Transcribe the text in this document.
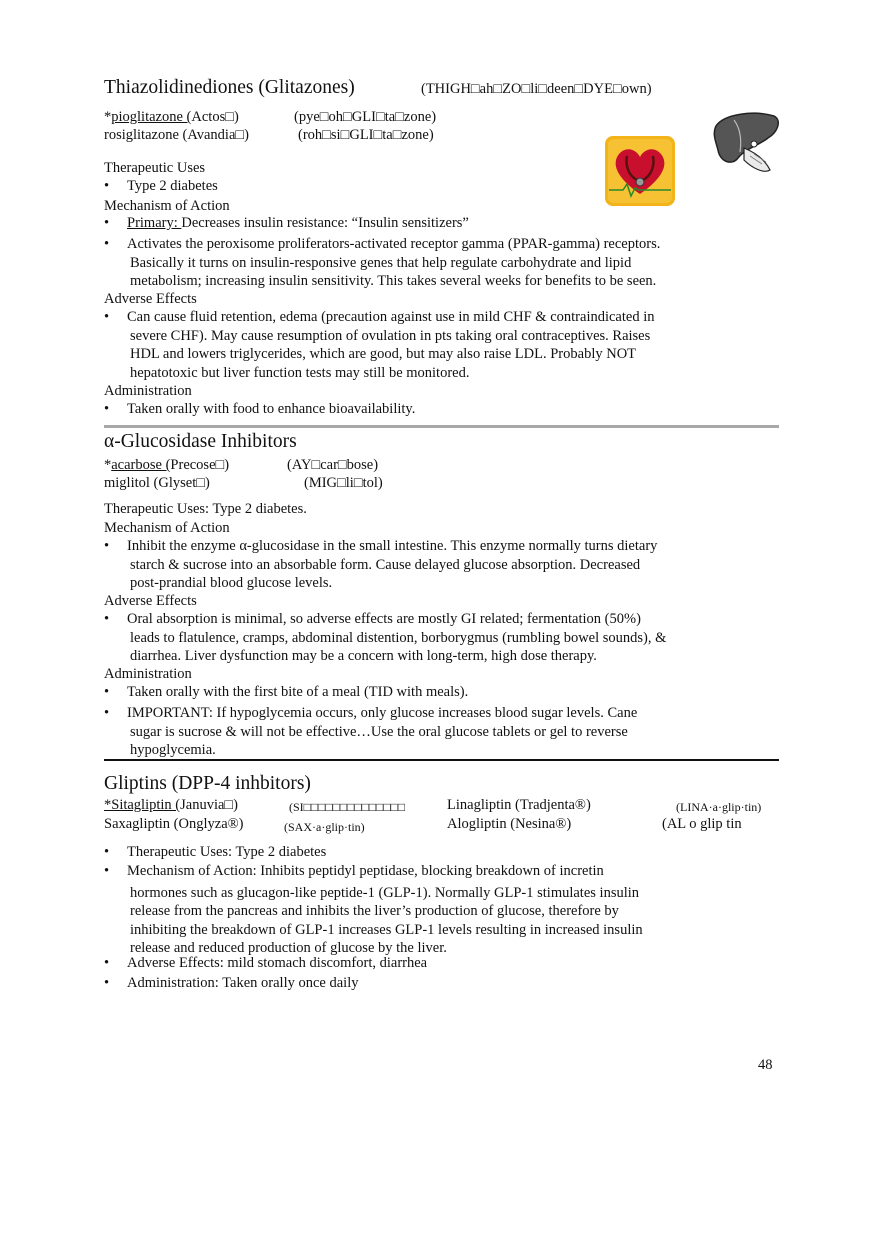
Thiazolidinediones (Glitazones)	(THIGH□ah□ZO□li□deen□DYE□own)
*pioglitazone (Actos□)	(pye□oh□GLI□ta□zone)
rosiglitazone (Avandia□)	(roh□si□GLI□ta□zone)
Therapeutic Uses
• Type 2 diabetes
Mechanism of Action
• Primary: Decreases insulin resistance: “Insulin sensitizers”
• Activates the peroxisome proliferators-activated receptor gamma (PPAR-gamma) receptors.
Basically it turns on insulin-responsive genes that help regulate carbohydrate and lipid
metabolism; increasing insulin sensitivity. This takes several weeks for benefits to be seen.
Adverse Effects
• Can cause fluid retention, edema (precaution against use in mild CHF & contraindicated in
severe CHF). May cause resumption of ovulation in pts taking oral contraceptives. Raises
HDL and lowers triglycerides, which are good, but may also raise LDL. Probably NOT
hepatotoxic but liver function tests may still be monitored.
Administration
• Taken orally with food to enhance bioavailability.
α-Glucosidase Inhibitors
*acarbose (Precose□)	(AY□car□bose)
miglitol (Glyset□)	(MIG□li□tol)
Therapeutic Uses: Type 2 diabetes.
Mechanism of Action
• Inhibit the enzyme α-glucosidase in the small intestine. This enzyme normally turns dietary
starch & sucrose into an absorbable form. Cause delayed glucose absorption. Decreased
post-prandial blood glucose levels.
Adverse Effects
• Oral absorption is minimal, so adverse effects are mostly GI related; fermentation (50%)
leads to flatulence, cramps, abdominal distention, borborygmus (rumbling bowel sounds), &
diarrhea. Liver dysfunction may be a concern with long-term, high dose therapy.
Administration
• Taken orally with the first bite of a meal (TID with meals).
• IMPORTANT: If hypoglycemia occurs, only glucose increases blood sugar levels. Cane
sugar is sucrose & will not be effective…Use the oral glucose tablets or gel to reverse
hypoglycemia.
Gliptins (DPP-4 inhbitors)
*Sitagliptin (Januvia□)	(SI□□□□□□□□□□□□□□	Linagliptin (Tradjenta®)	(LINA·a·glip·tin)
Saxagliptin (Onglyza®)	(SAX·a·glip·tin)	Alogliptin (Nesina®)	(AL o glip tin
• Therapeutic Uses: Type 2 diabetes
• Mechanism of Action: Inhibits peptidyl peptidase, blocking breakdown of incretin
hormones such as glucagon-like peptide-1 (GLP-1). Normally GLP-1 stimulates insulin
release from the pancreas and inhibits the liver’s production of glucose, therefore by
inhibiting the breakdown of GLP-1 increases GLP-1 levels resulting in increased insulin
release and reduced production of glucose by the liver.
• Adverse Effects: mild stomach discomfort, diarrhea
• Administration: Taken orally once daily
48
